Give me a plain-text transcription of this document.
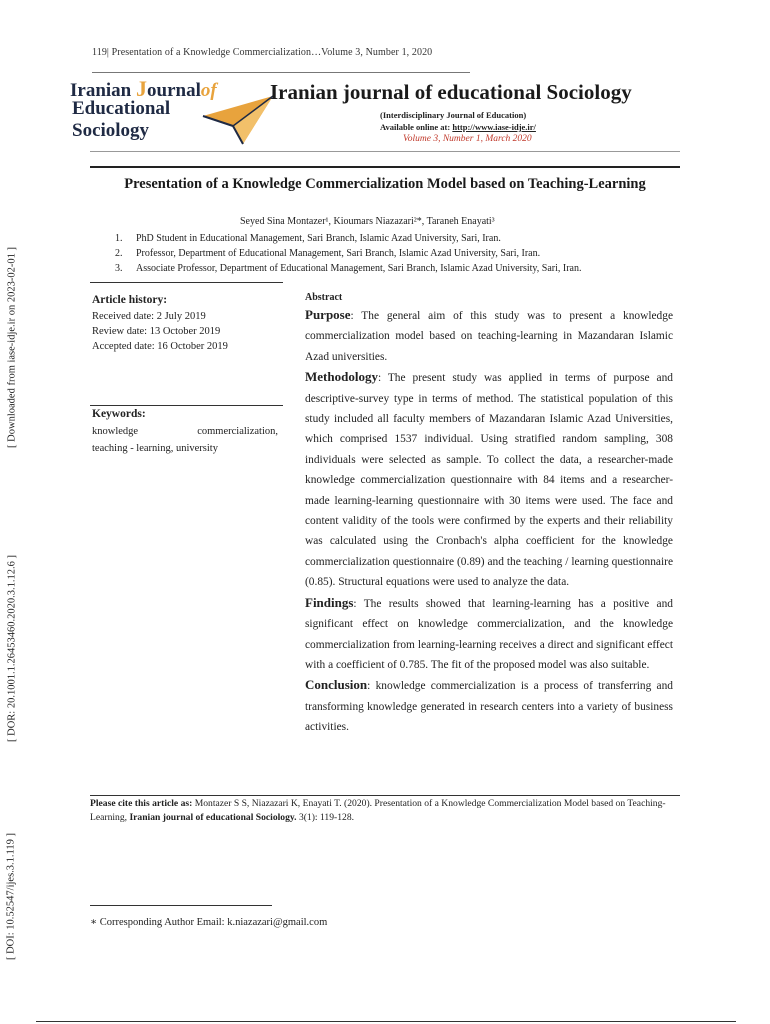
[ Downloaded from iase-idje.ir on 2023-02-01 ]
[ DOR: 20.1001.1.26453460.2020.3.1.12.6 ]
[ DOI: 10.52547/ijes.3.1.119 ]
119| Presentation of a Knowledge Commercialization…Volume 3, Number 1, 2020
Iranian Journalof
Educational
Sociology
Iranian journal of educational Sociology
(Interdisciplinary Journal of Education)
Available online at: http://www.iase-idje.ir/
Volume 3, Number 1, March 2020
Presentation of a Knowledge Commercialization Model based on Teaching-Learning
Seyed Sina Montazer¹, Kioumars Niazazari²*, Taraneh Enayati³
1. PhD Student in Educational Management, Sari Branch, Islamic Azad University, Sari, Iran.
2. Professor, Department of Educational Management, Sari Branch, Islamic Azad University, Sari, Iran.
3. Associate Professor, Department of Educational Management, Sari Branch, Islamic Azad University, Sari, Iran.
Article history:
Received date: 2 July 2019
Review date: 13 October 2019
Accepted date: 16 October 2019
Keywords:
knowledge	commercialization,
teaching - learning, university
Abstract

Purpose: The general aim of this study was to present a knowledge commercialization model based on teaching-learning in Mazandaran Islamic Azad universities.

Methodology: The present study was applied in terms of purpose and descriptive-survey type in terms of method. The statistical population of this study included all faculty members of Mazandaran Islamic Azad Universities, which comprised 1537 individual. Using stratified random sampling, 308 individuals were selected as sample. To collect the data, a researcher-made knowledge commercialization questionnaire with 84 items and a researcher-made learning-learning questionnaire with 30 items were used. The face and content validity of the tools were confirmed by the experts and their reliability was calculated using the Cronbach's alpha coefficient for the knowledge commercialization questionnaire (0.89) and the teaching / learning questionnaire (0.85). Structural equations were used to analyze the data.

Findings: The results showed that learning-learning has a positive and significant effect on knowledge commercialization, and the knowledge commercialization from learning-learning receives a direct and significant effect with a coefficient of 0.785. The fit of the proposed model was also suitable.

Conclusion: knowledge commercialization is a process of transferring and transforming knowledge generated in research centers into a variety of business activities.

Please cite this article as: Montazer S S, Niazazari K, Enayati T. (2020). Presentation of a Knowledge Commercialization Model based on Teaching-Learning, Iranian journal of educational Sociology. 3(1): 119-128.
∗ Corresponding Author Email: k.niazazari@gmail.com
